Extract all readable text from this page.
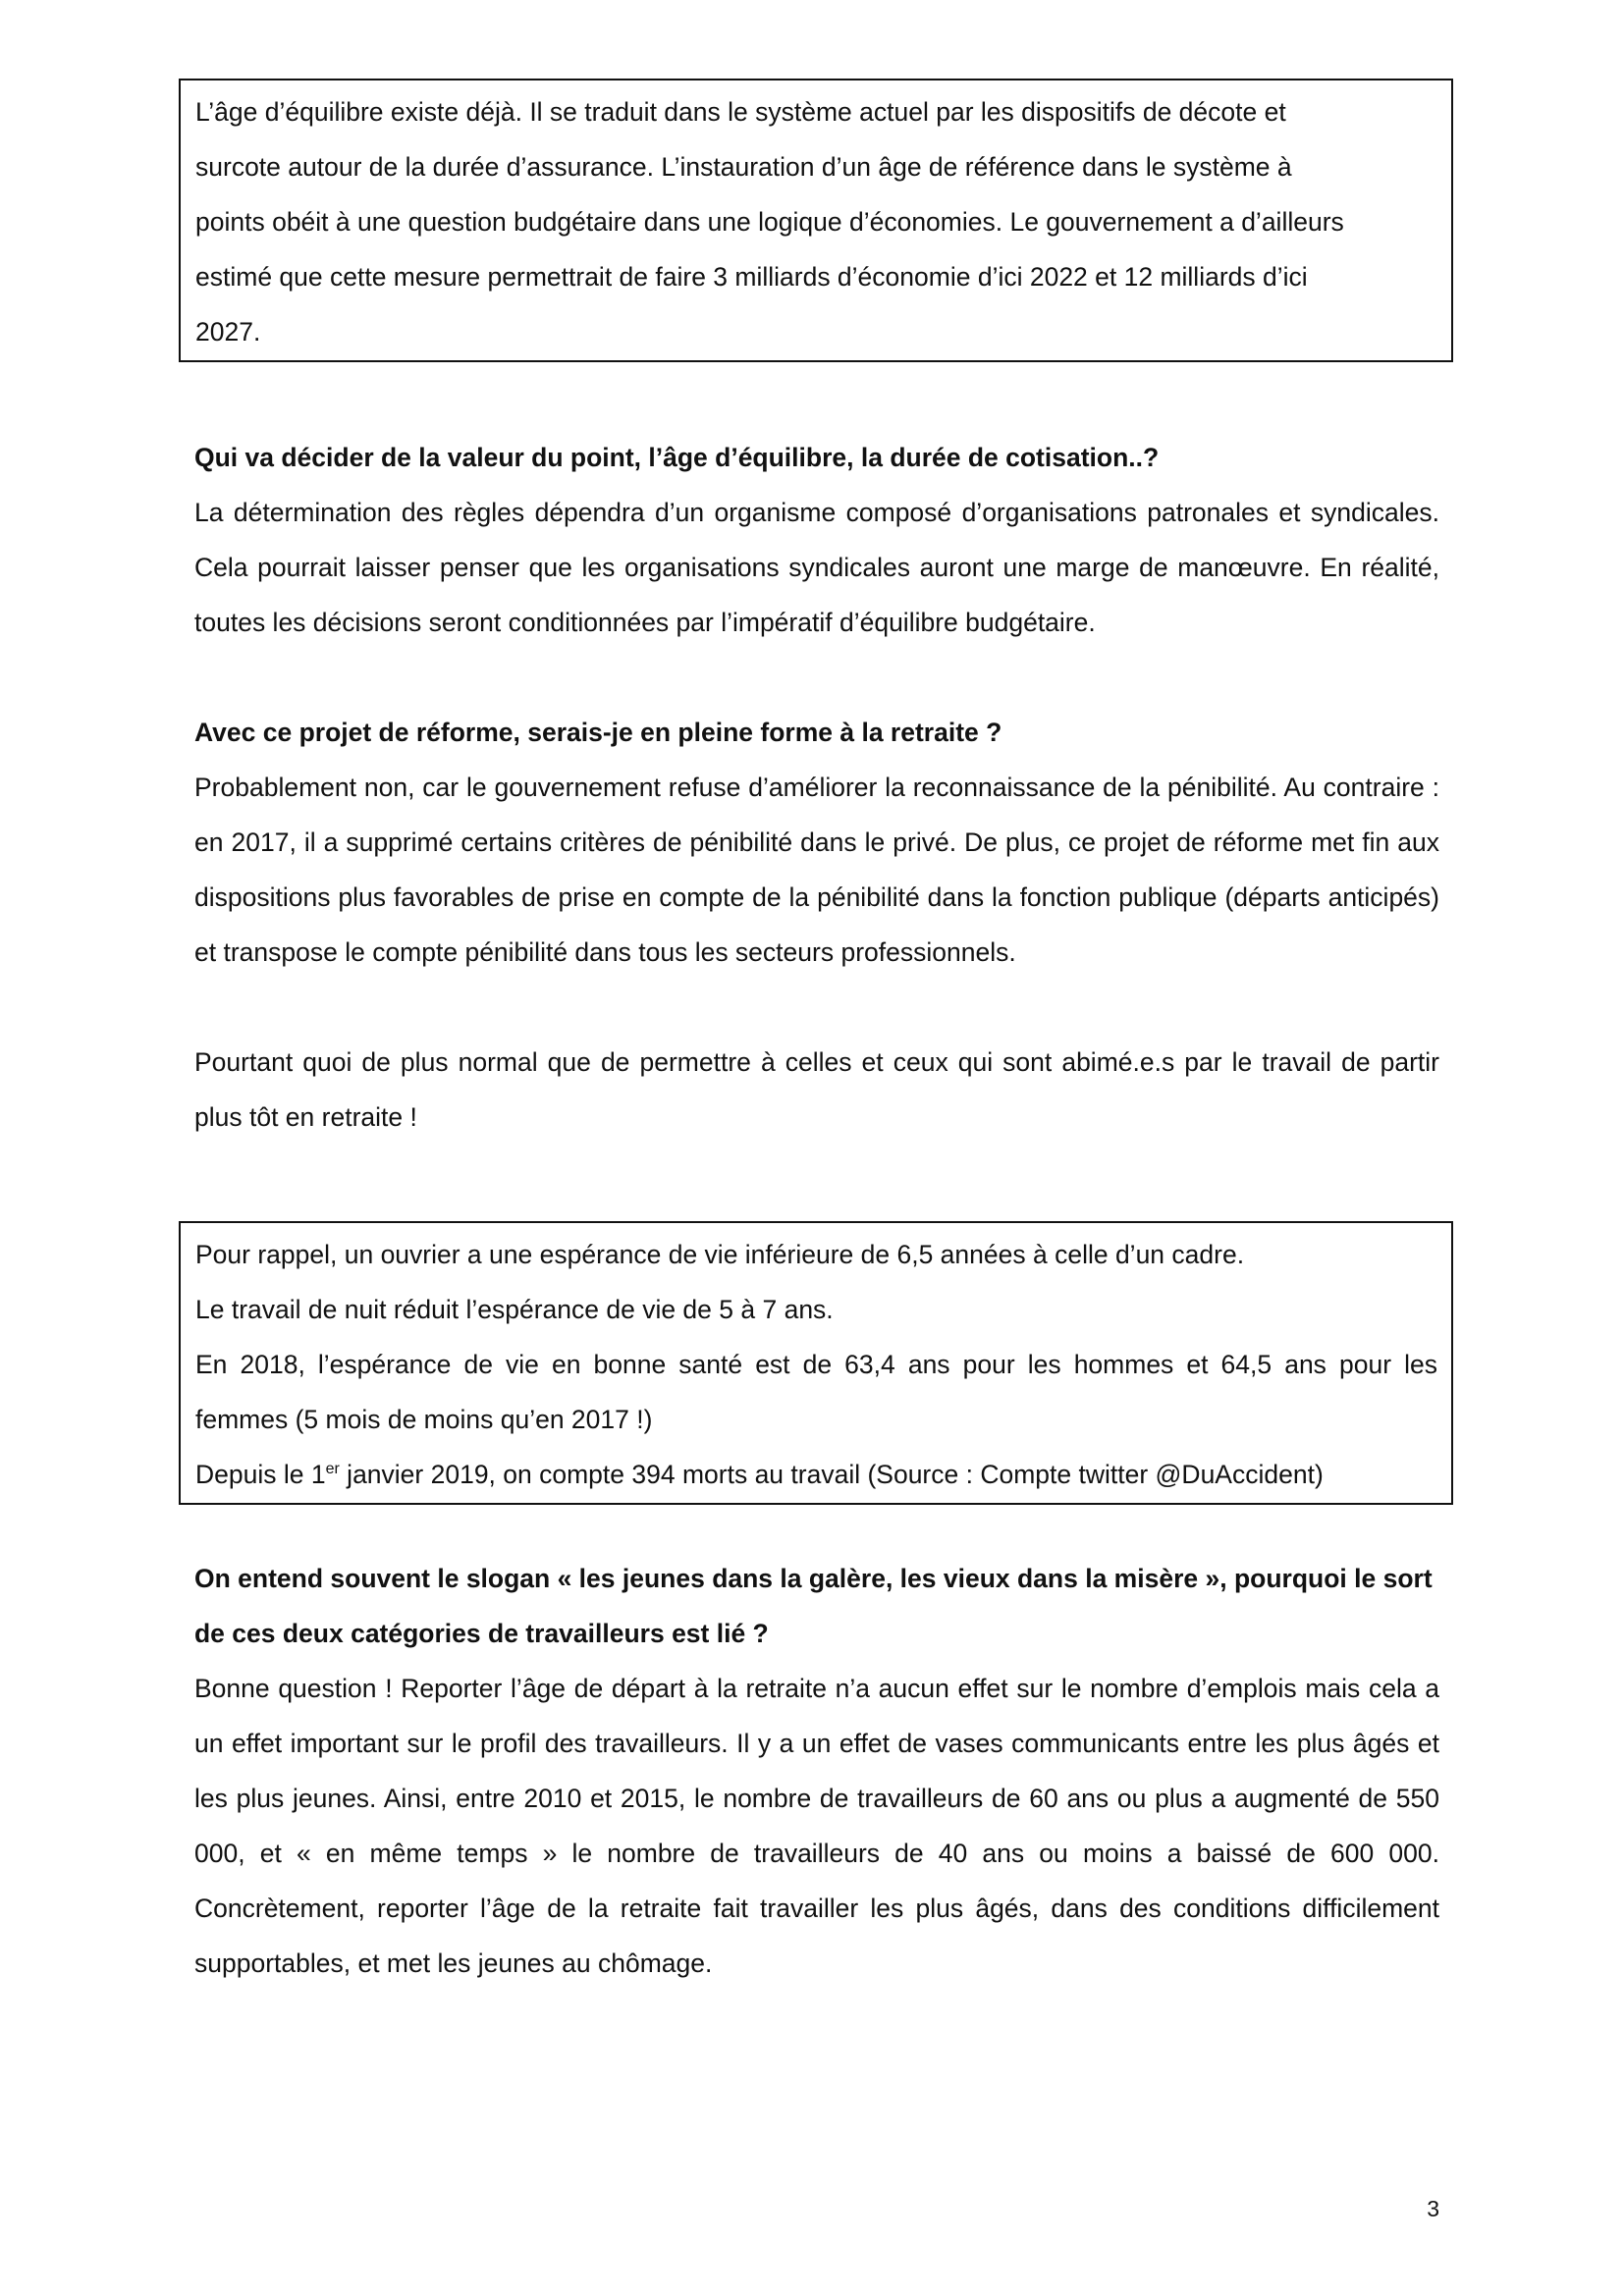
L’âge d’équilibre existe déjà. Il se traduit dans le système actuel par les dispositifs de décote et

surcote autour de la durée d’assurance. L’instauration d’un âge de référence dans le système à

points obéit à une question budgétaire dans une logique d’économies. Le gouvernement a d’ailleurs

estimé que cette mesure permettrait de faire 3 milliards d’économie d’ici 2022 et 12 milliards d’ici

2027.

Qui va décider de la valeur du point, l’âge d’équilibre, la durée de cotisation..?

La détermination des règles dépendra d’un organisme composé d’organisations patronales et syndicales. Cela pourrait laisser penser que les organisations syndicales auront une marge de manœuvre. En réalité, toutes les décisions seront conditionnées par l’impératif d’équilibre budgétaire.

Avec ce projet de réforme, serais-je en pleine forme à la retraite ?

Probablement non, car le gouvernement refuse d’améliorer la reconnaissance de la pénibilité. Au contraire : en 2017, il a supprimé certains critères de pénibilité dans le privé. De plus, ce projet de réforme met fin aux dispositions plus favorables de prise en compte de la pénibilité dans la fonction publique (départs anticipés) et transpose le compte pénibilité dans tous les secteurs professionnels.

Pourtant quoi de plus normal que de permettre à celles et ceux qui sont abimé.e.s par le travail de partir plus tôt en retraite !

Pour rappel, un ouvrier a une espérance de vie inférieure de 6,5 années à celle d’un cadre.

Le travail de nuit réduit l’espérance de vie de 5 à 7 ans.

En 2018, l’espérance de vie en bonne santé est de 63,4 ans pour les hommes et 64,5 ans pour les

femmes (5 mois de moins qu’en 2017 !)

Depuis le 1er janvier 2019, on compte 394 morts au travail (Source : Compte twitter @DuAccident)

On entend souvent le slogan « les jeunes dans la galère, les vieux dans la misère », pourquoi le sort de ces deux catégories de travailleurs est lié ?

Bonne question ! Reporter l’âge de départ à la retraite n’a aucun effet sur le nombre d’emplois mais cela a un effet important sur le profil des travailleurs. Il y a un effet de vases communicants entre les plus âgés et les plus jeunes. Ainsi, entre 2010 et 2015, le nombre de travailleurs de 60 ans ou plus a augmenté de 550 000, et « en même temps » le nombre de travailleurs de 40 ans ou moins a baissé de 600 000. Concrètement, reporter l’âge de la retraite fait travailler les plus âgés, dans des conditions difficilement supportables, et met les jeunes au chômage.

3
